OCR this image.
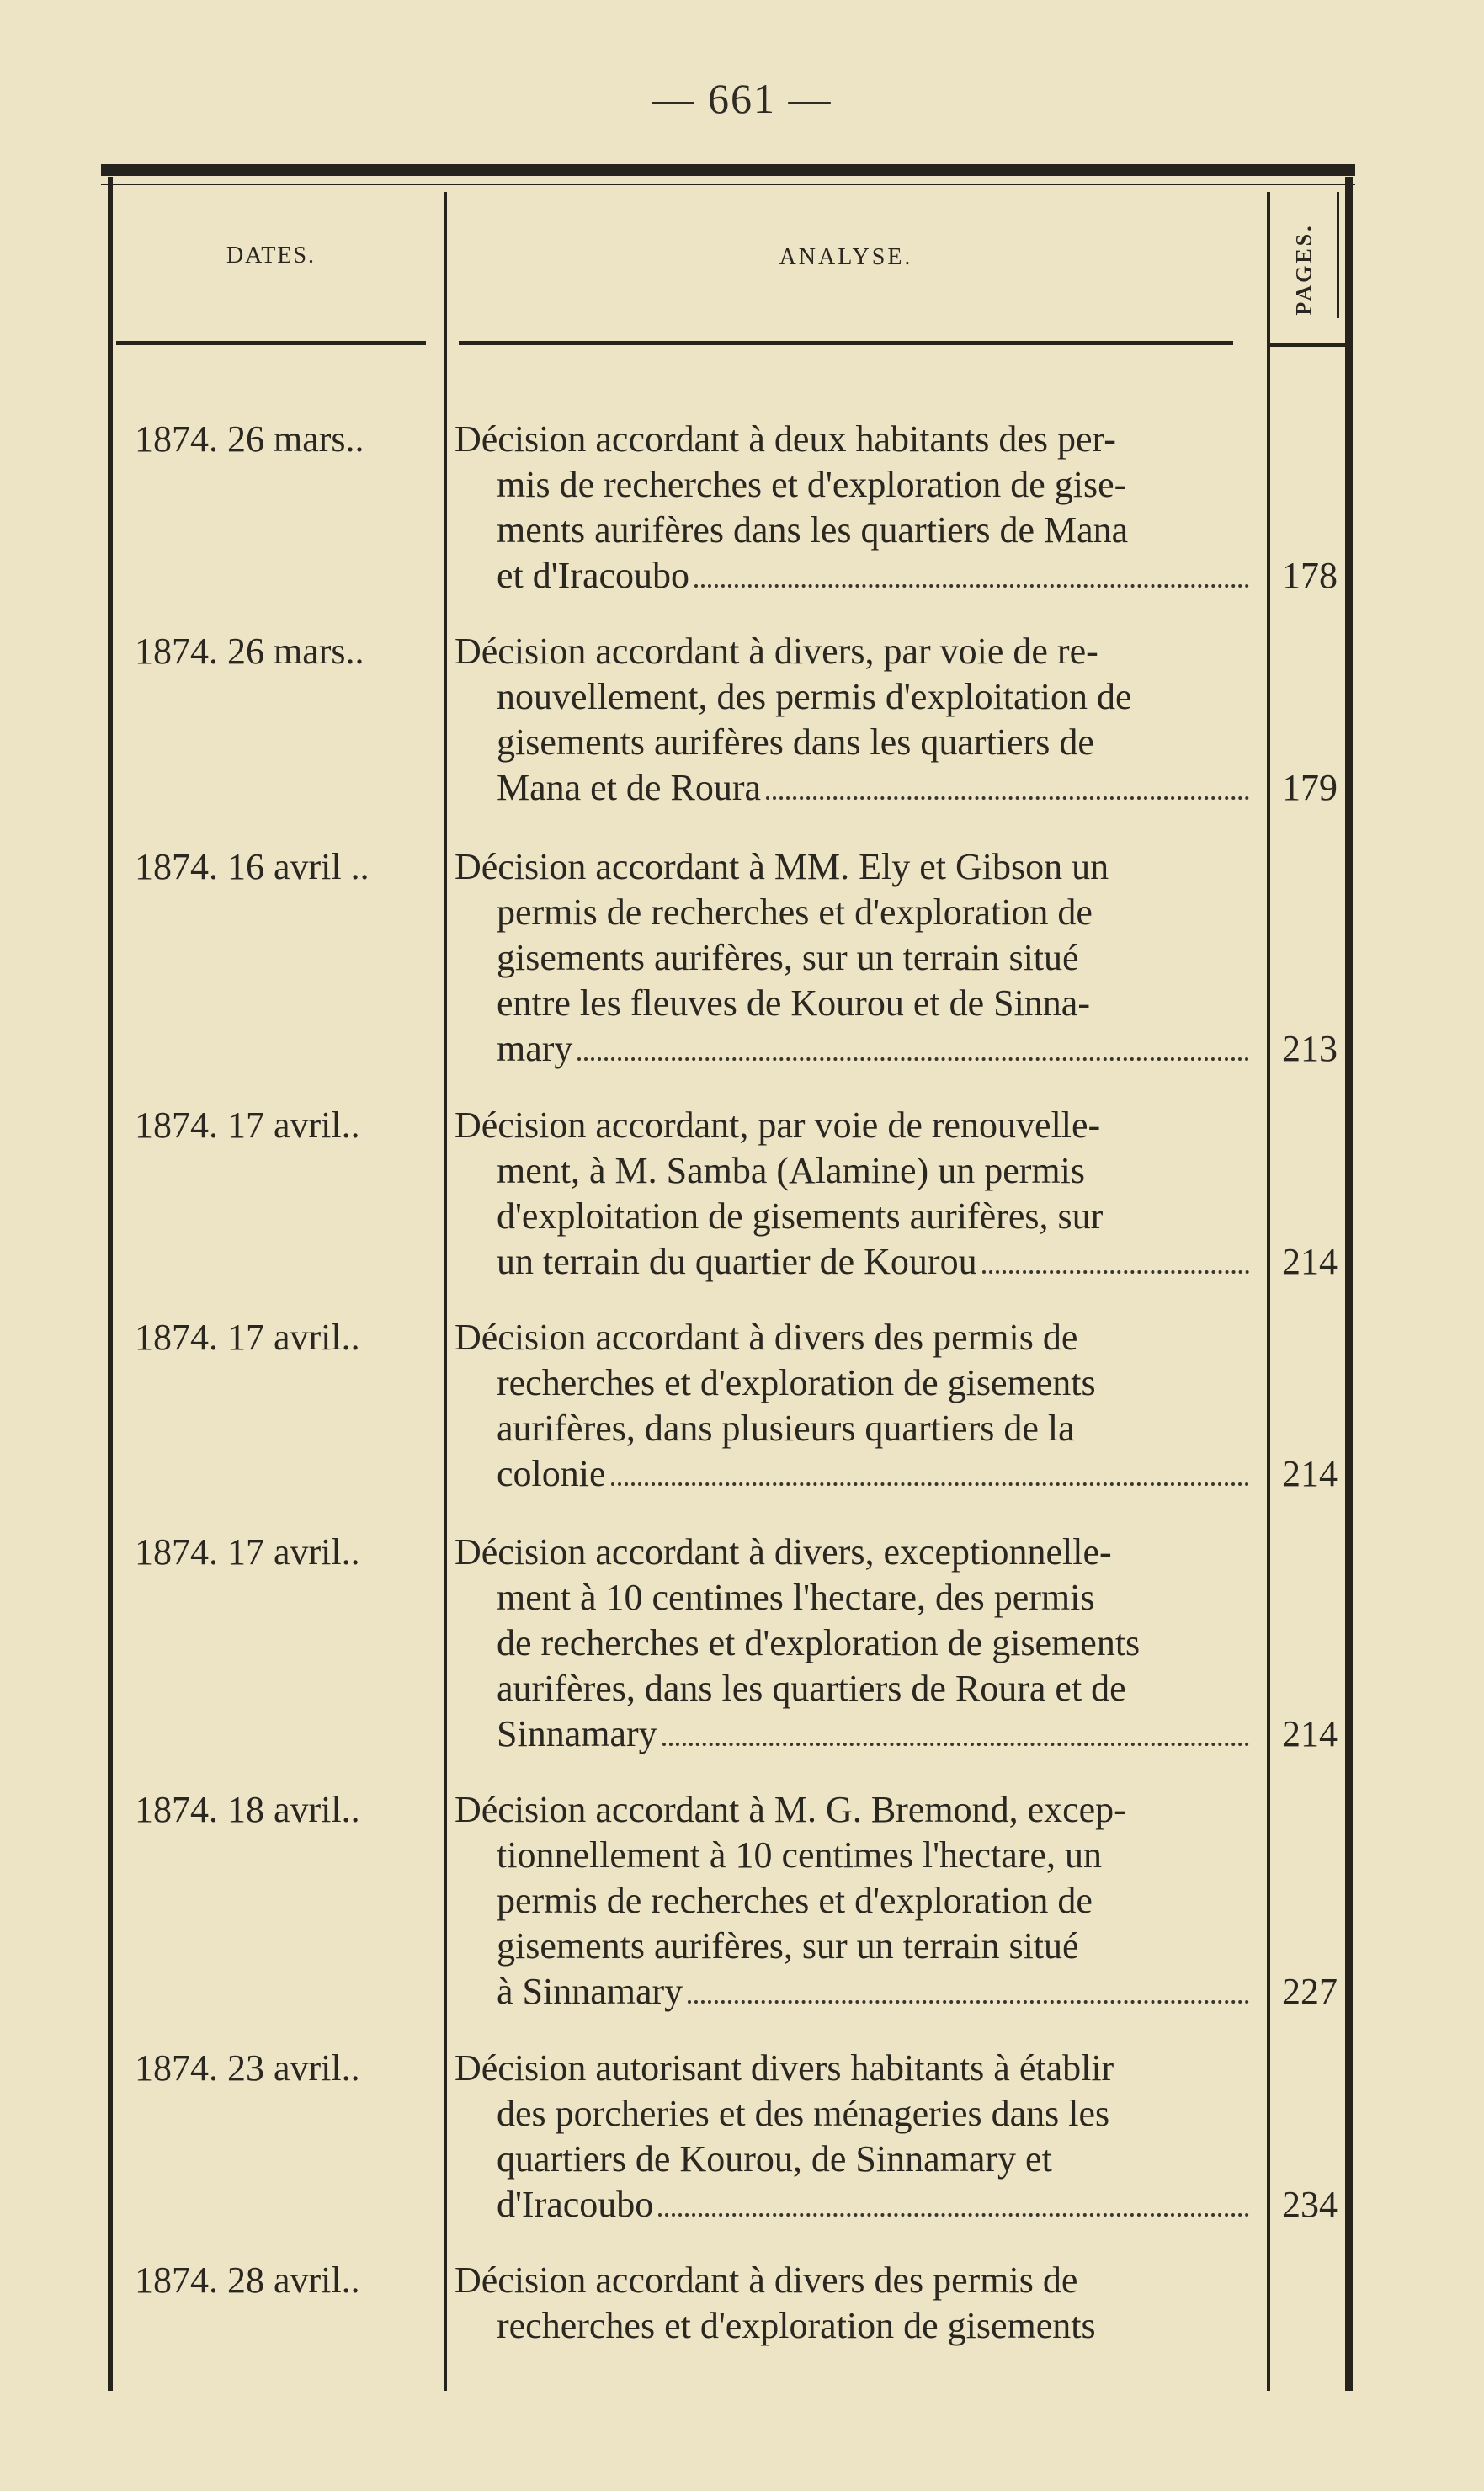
— 661 —
DATES.	ANALYSE.	PAGES.
1874. 26 mars..	Décision accordant à deux habitants des per-
mis de recherches et d'exploration de gise-
ments aurifères dans les quartiers de Mana
et d'Iracoubo	178
1874. 26 mars..	Décision accordant à divers, par voie de re-
nouvellement, des permis d'exploitation de
gisements aurifères dans les quartiers de
Mana et de Roura	179
1874. 16 avril ..	Décision accordant à MM. Ely et Gibson un
permis de recherches et d'exploration de
gisements aurifères, sur un terrain situé
entre les fleuves de Kourou et de Sinna-
mary	213
1874. 17 avril..	Décision accordant, par voie de renouvelle-
ment, à M. Samba (Alamine) un permis
d'exploitation de gisements aurifères, sur
un terrain du quartier de Kourou	214
1874. 17 avril..	Décision accordant à divers des permis de
recherches et d'exploration de gisements
aurifères, dans plusieurs quartiers de la
colonie	214
1874. 17 avril..	Décision accordant à divers, exceptionnelle-
ment à 10 centimes l'hectare, des permis
de recherches et d'exploration de gisements
aurifères, dans les quartiers de Roura et de
Sinnamary	214
1874. 18 avril..	Décision accordant à M. G. Bremond, excep-
tionnellement à 10 centimes l'hectare, un
permis de recherches et d'exploration de
gisements aurifères, sur un terrain situé
à Sinnamary	227
1874. 23 avril..	Décision autorisant divers habitants à établir
des porcheries et des ménageries dans les
quartiers de Kourou, de Sinnamary et
d'Iracoubo	234
1874. 28 avril..	Décision accordant à divers des permis de
recherches et d'exploration de gisements
